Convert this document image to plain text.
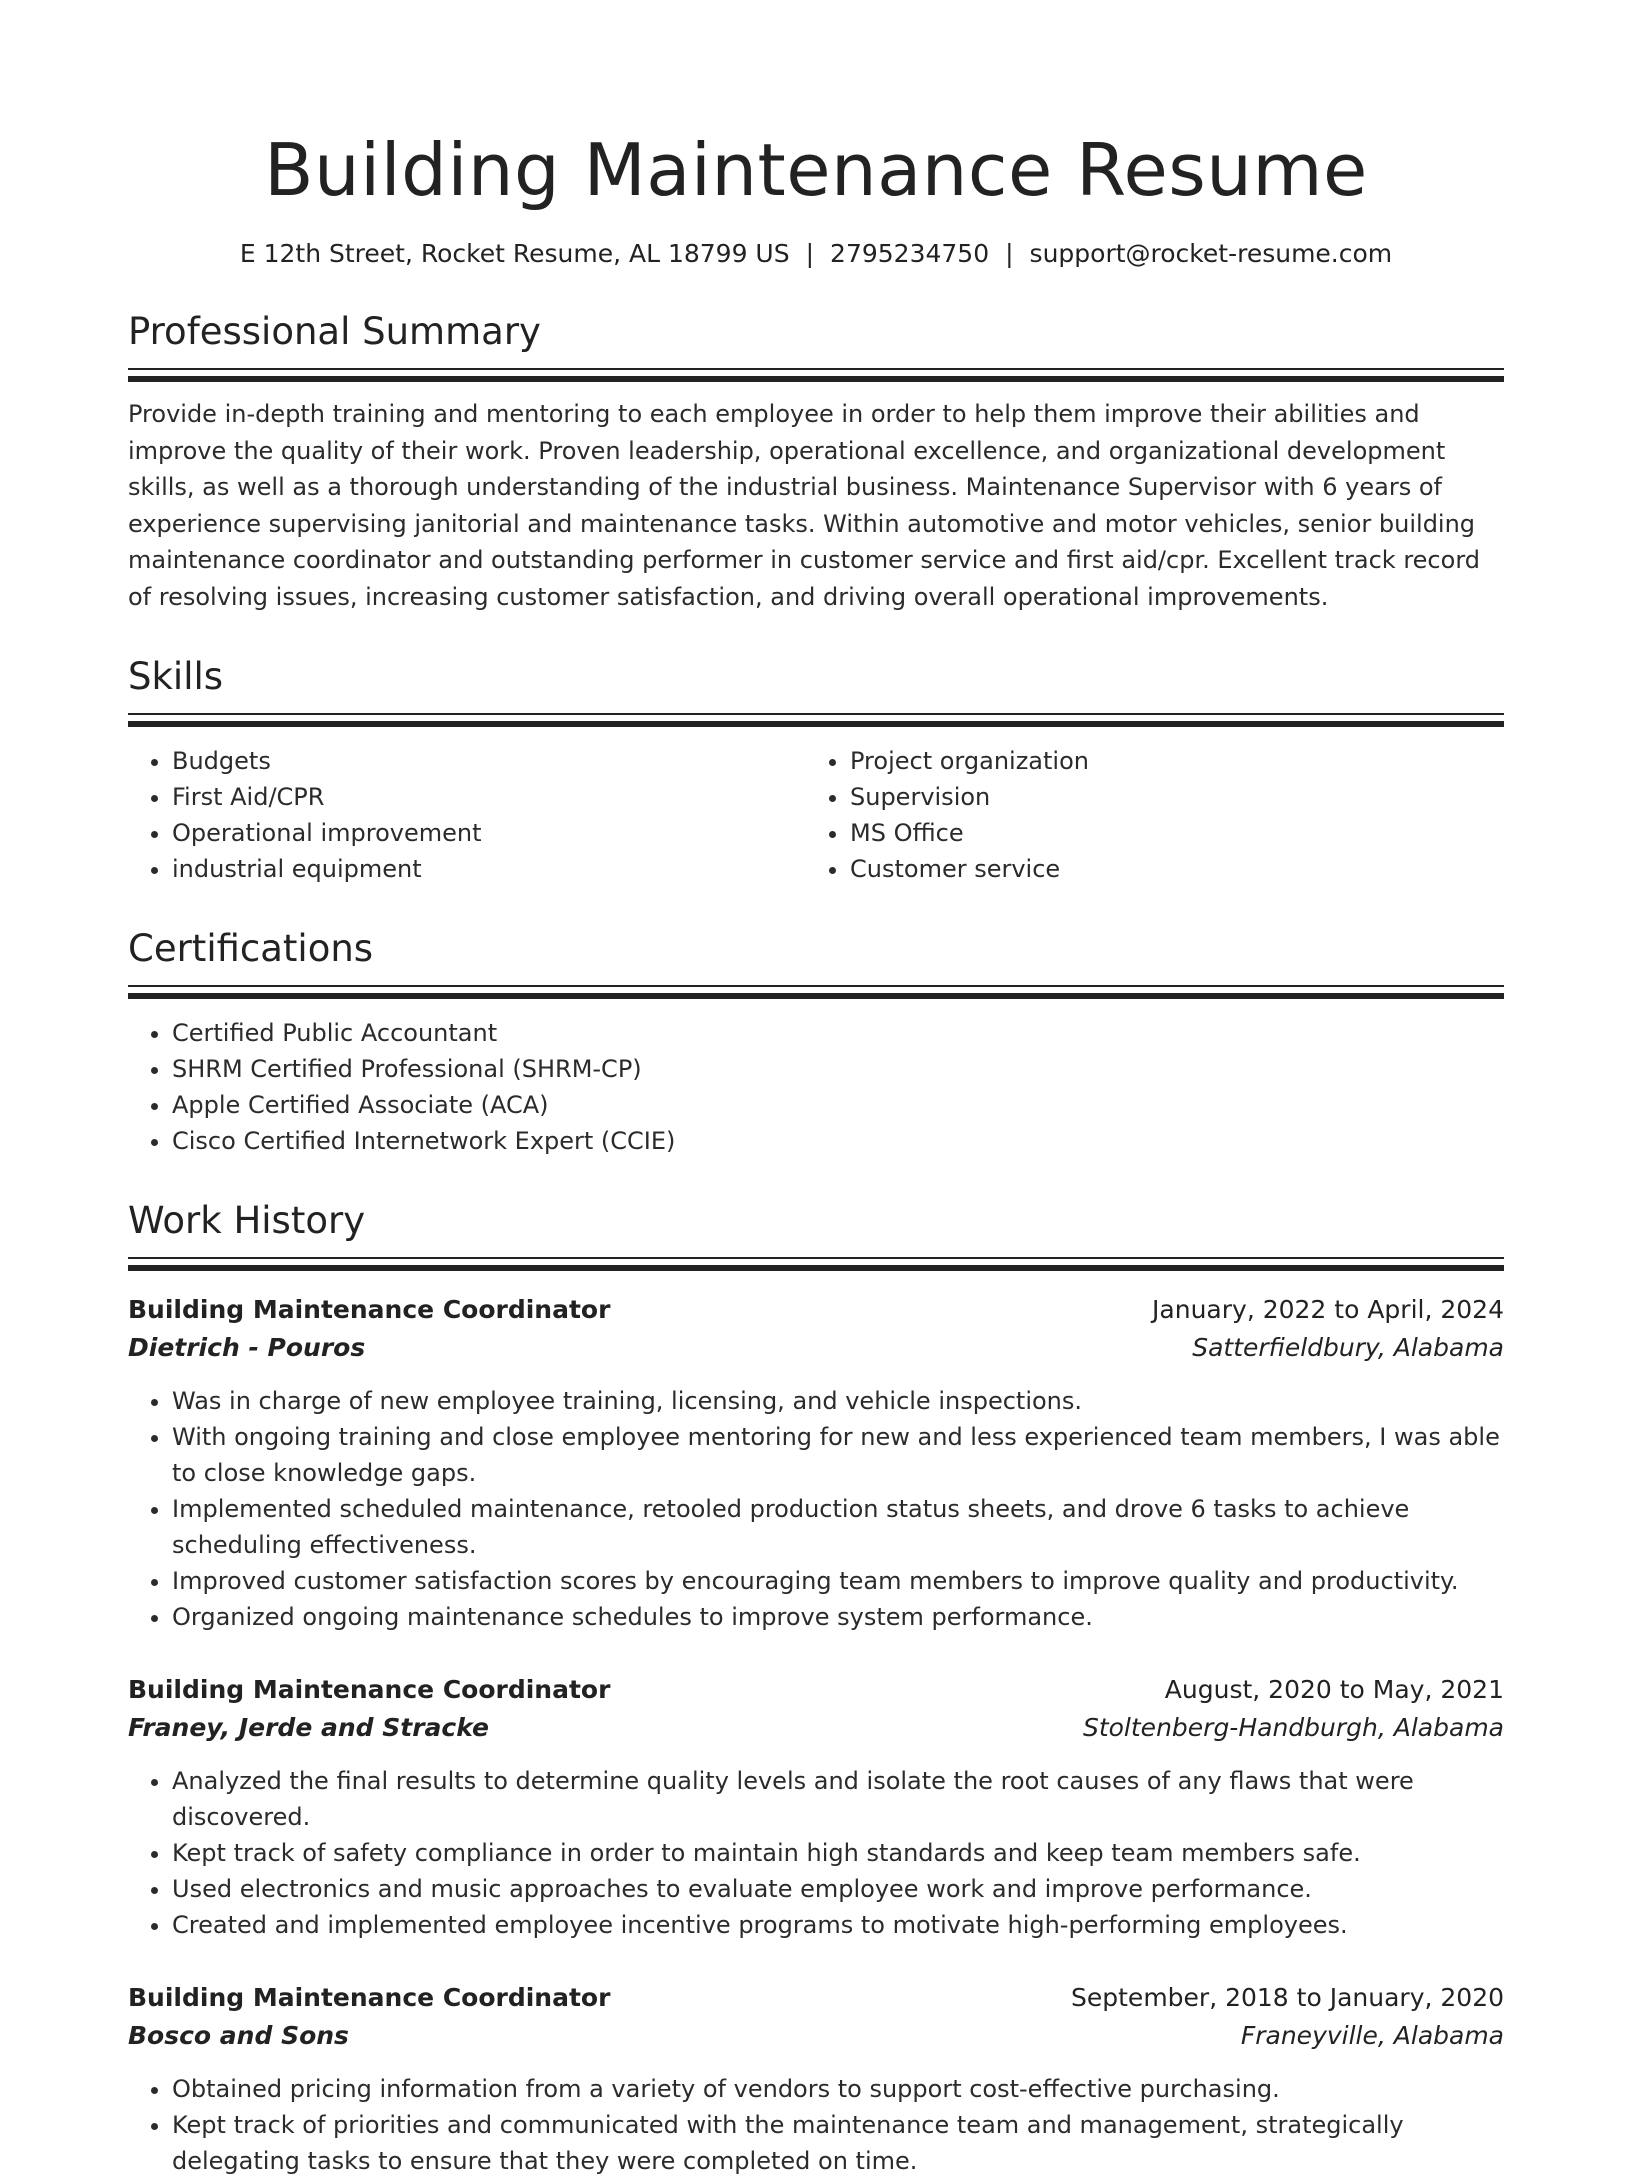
Building Maintenance Resume
E 12th Street, Rocket Resume, AL 18799 US | 2795234750 | support@rocket-resume.com
Professional Summary

Provide in-depth training and mentoring to each employee in order to help them improve their abilities and improve the quality of their work. Proven leadership, operational excellence, and organizational development skills, as well as a thorough understanding of the industrial business. Maintenance Supervisor with 6 years of experience supervising janitorial and maintenance tasks. Within automotive and motor vehicles, senior building maintenance coordinator and outstanding performer in customer service and first aid/cpr. Excellent track record of resolving issues, increasing customer satisfaction, and driving overall operational improvements.

Skills
• Budgets
• First Aid/CPR
• Operational improvement
• industrial equipment
• Project organization
• Supervision
• MS Office
• Customer service
Certifications
• Certified Public Accountant
• SHRM Certified Professional (SHRM-CP)
• Apple Certified Associate (ACA)
• Cisco Certified Internetwork Expert (CCIE)
Work History
Building Maintenance Coordinator	January, 2022 to April, 2024
Dietrich - Pouros	Satterfieldbury, Alabama
• Was in charge of new employee training, licensing, and vehicle inspections.
• With ongoing training and close employee mentoring for new and less experienced team members, I was able to close knowledge gaps.
• Implemented scheduled maintenance, retooled production status sheets, and drove 6 tasks to achieve scheduling effectiveness.
• Improved customer satisfaction scores by encouraging team members to improve quality and productivity.
• Organized ongoing maintenance schedules to improve system performance.
Building Maintenance Coordinator	August, 2020 to May, 2021
Franey, Jerde and Stracke	Stoltenberg-Handburgh, Alabama
• Analyzed the final results to determine quality levels and isolate the root causes of any flaws that were discovered.
• Kept track of safety compliance in order to maintain high standards and keep team members safe.
• Used electronics and music approaches to evaluate employee work and improve performance.
• Created and implemented employee incentive programs to motivate high-performing employees.
Building Maintenance Coordinator	September, 2018 to January, 2020
Bosco and Sons	Franeyville, Alabama
• Obtained pricing information from a variety of vendors to support cost-effective purchasing.
• Kept track of priorities and communicated with the maintenance team and management, strategically delegating tasks to ensure that they were completed on time.
